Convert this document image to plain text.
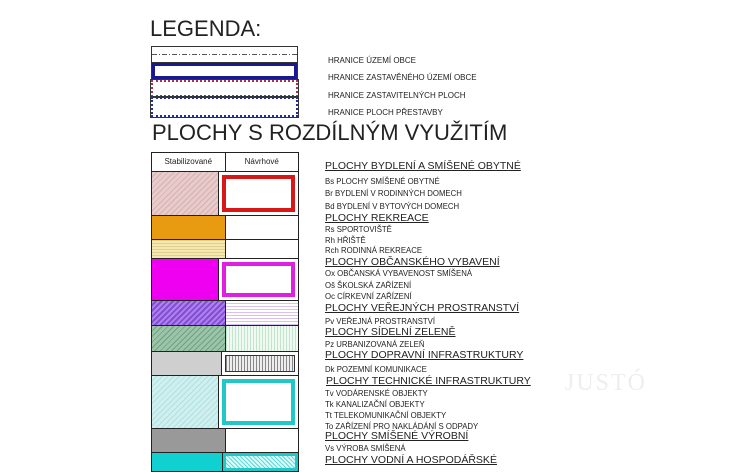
LEGENDA:
HRANICE ÚZEMÍ OBCE
HRANICE ZASTAVĚNÉHO ÚZEMÍ OBCE
HRANICE ZASTAVITELNÝCH PLOCH
HRANICE PLOCH PŘESTAVBY
PLOCHY S ROZDÍLNÝM VYUŽITÍM
Stabilizované	Návrhové	PLOCHY BYDLENÍ A SMÍŠENÉ OBYTNÉ
Bs PLOCHY SMÍŠENÉ OBYTNÉ
Br BYDLENÍ V RODINNÝCH DOMECH
Bd BYDLENÍ V BYTOVÝCH DOMECH
PLOCHY REKREACE
Rs SPORTOVIŠTĚ
Rh HŘIŠTĚ
Rch RODINNÁ REKREACE
PLOCHY OBČANSKÉHO VYBAVENÍ
Ox OBČANSKÁ VYBAVENOST SMÍŠENÁ
Oš ŠKOLSKÁ ZAŘÍZENÍ
Oc CÍRKEVNÍ ZAŘÍZENÍ
PLOCHY VEŘEJNÝCH PROSTRANSTVÍ
Pv VEŘEJNÁ PROSTRANSTVÍ
PLOCHY SÍDELNÍ ZELENĚ
Pz URBANIZOVANÁ ZELEŇ
PLOCHY DOPRAVNÍ INFRASTRUKTURY
Dk POZEMNÍ KOMUNIKACE
PLOCHY TECHNICKÉ INFRASTRUKTURY
Tv VODÁRENSKÉ OBJEKTY
Tk KANALIZAČNÍ OBJEKTY
Tt TELEKOMUNIKAČNÍ OBJEKTY
To ZAŘÍZENÍ PRO NAKLÁDÁNÍ S ODPADY
PLOCHY SMÍŠENÉ VÝROBNÍ
Vs VÝROBA SMÍŠENÁ
PLOCHY VODNÍ A HOSPODÁŘSKÉ
JUSTÓ
